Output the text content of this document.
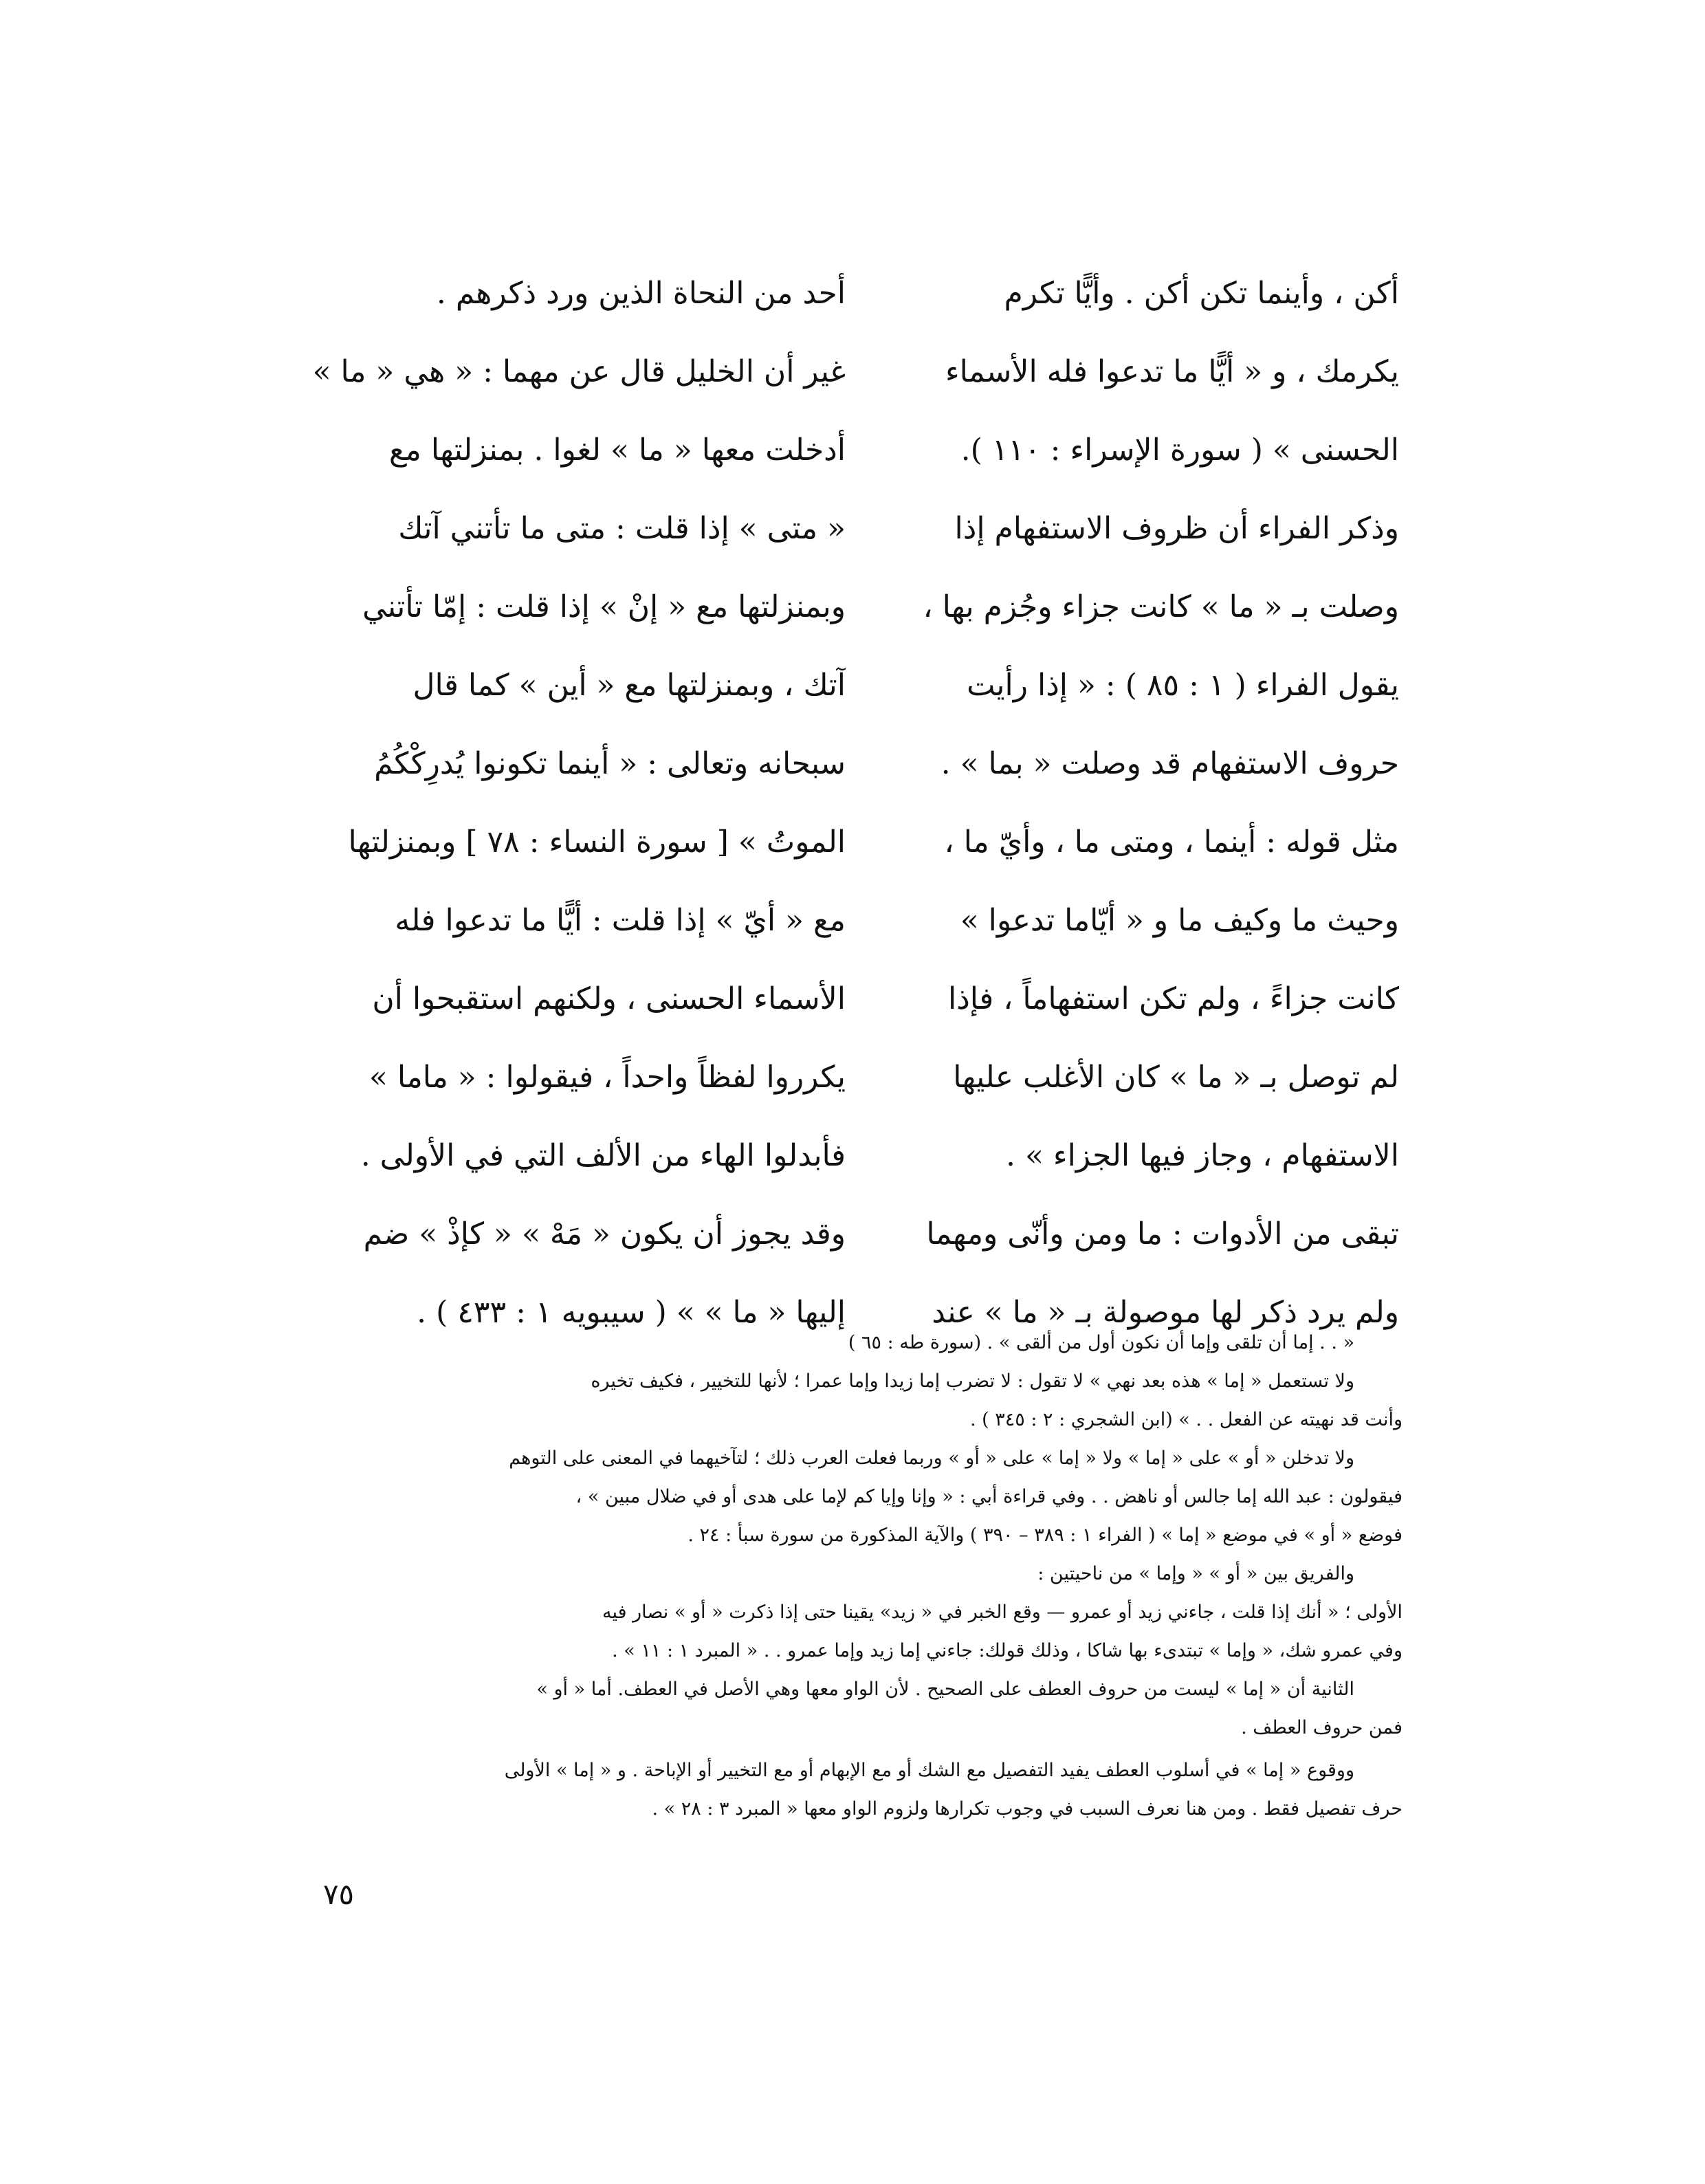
أكن ، وأينما تكن أكن . وأيًّا تكرم
يكرمك ، و « أيًّا ما تدعوا فله الأسماء
الحسنى » ( سورة الإسراء : ١١٠ ).
وذكر الفراء أن ظروف الاستفهام إذا
وصلت بـ « ما » كانت جزاء وجُزم بها ،
يقول الفراء ( ١ : ٨٥ ) : « إذا رأيت
حروف الاستفهام قد وصلت « بما » .
مثل قوله : أينما ، ومتى ما ، وأيّ ما ،
وحيث ما وكيف ما و « أيّاما تدعوا »
كانت جزاءً ، ولم تكن استفهاماً ، فإذا
لم توصل بـ « ما » كان الأغلب عليها
الاستفهام ، وجاز فيها الجزاء » .
تبقى من الأدوات : ما ومن وأنّى ومهما
ولم يرد ذكر لها موصولة بـ « ما » عند
أحد من النحاة الذين ورد ذكرهم .
غير أن الخليل قال عن مهما : « هي « ما »
أدخلت معها « ما » لغوا . بمنزلتها مع
« متى » إذا قلت : متى ما تأتني آتك
وبمنزلتها مع « إنْ » إذا قلت : إمّا تأتني
آتك ، وبمنزلتها مع « أين » كما قال
سبحانه وتعالى : « أينما تكونوا يُدرِكْكُمُ
الموتُ » [ سورة النساء : ٧٨ ] وبمنزلتها
مع « أيّ » إذا قلت : أيًّا ما تدعوا فله
الأسماء الحسنى ، ولكنهم استقبحوا أن
يكرروا لفظاً واحداً ، فيقولوا : « ماما »
فأبدلوا الهاء من الألف التي في الأولى .
وقد يجوز أن يكون « مَهْ » « كإذْ » ضم
إليها « ما » » ( سيبويه ١ : ٤٣٣ ) .
« . . إما أن تلقى وإما أن نكون أول من ألقى » . (سورة طه : ٦٥ )
ولا تستعمل « إما » هذه بعد نهي » لا تقول : لا تضرب إما زيدا وإما عمرا ؛ لأنها للتخيير ، فكيف تخيره
وأنت قد نهيته عن الفعل . . » (ابن الشجري : ٢ : ٣٤٥ ) .
ولا تدخلن « أو » على « إما » ولا « إما » على « أو » وربما فعلت العرب ذلك ؛ لتآخيهما في المعنى على التوهم
فيقولون : عبد الله إما جالس أو ناهض . . وفي قراءة أبي : « وإنا وإيا كم لإما على هدى أو في ضلال مبين » ،
فوضع « أو » في موضع « إما » ( الفراء ١ : ٣٨٩ – ٣٩٠ ) والآية المذكورة من سورة سبأ : ٢٤ .
والفريق بين « أو » « وإما » من ناحيتين :
الأولى ؛ « أنك إذا قلت ، جاءني زيد أو عمرو — وقع الخبر في « زيد» يقينا حتى إذا ذكرت « أو » نصار فيه
وفي عمرو شك، « وإما » تبتدىء بها شاكا ، وذلك قولك: جاءني إما زيد وإما عمرو . . « المبرد ١ : ١١ » .
الثانية أن « إما » ليست من حروف العطف على الصحيح . لأن الواو معها وهي الأصل في العطف. أما « أو »
فمن حروف العطف .
ووقوع « إما » في أسلوب العطف يفيد التفصيل مع الشك أو مع الإبهام أو مع التخيير أو الإباحة . و « إما » الأولى
حرف تفصيل فقط . ومن هنا نعرف السبب في وجوب تكرارها ولزوم الواو معها « المبرد ٣ : ٢٨ » .
٧٥
